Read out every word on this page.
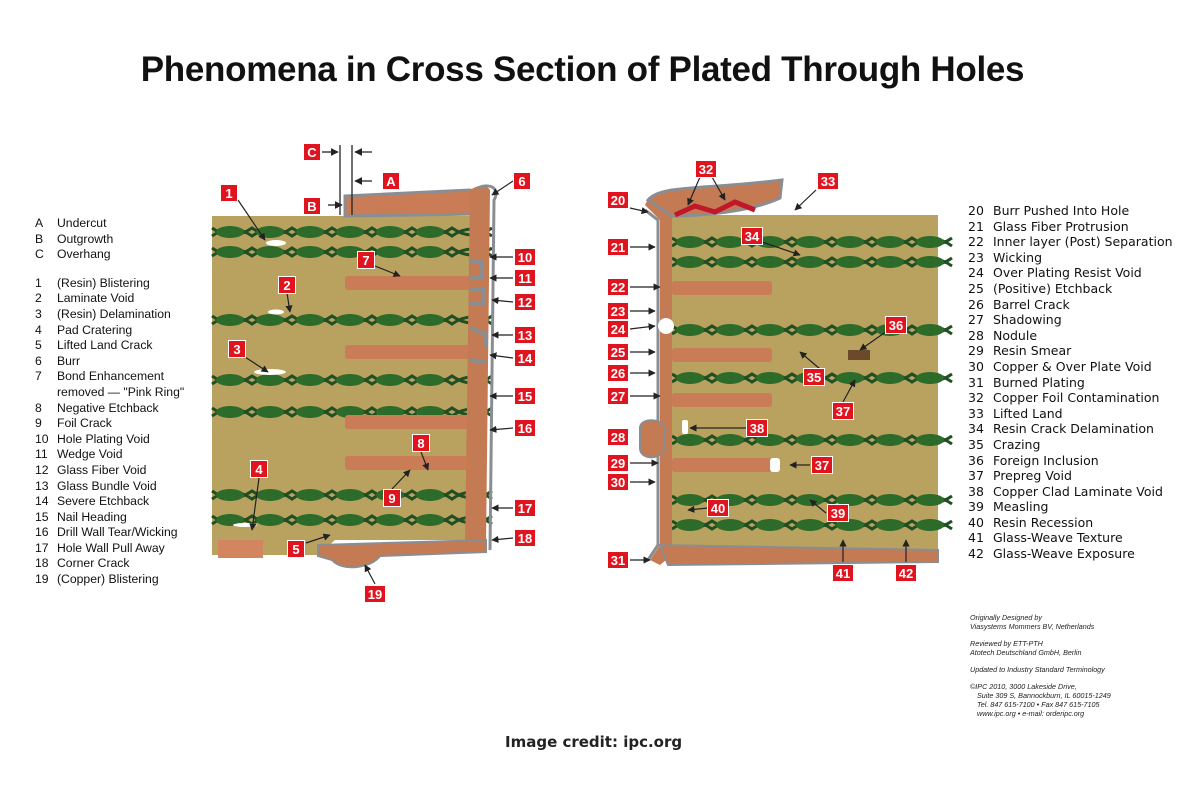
Phenomena in Cross Section of Plated Through Holes
A	Undercut
B	Outgrowth
C	Overhang
1	(Resin) Blistering
2	Laminate Void
3	(Resin) Delamination
4	Pad Cratering
5	Lifted Land Crack
6	Burr
7	Bond Enhancement
removed — "Pink Ring"
8	Negative Etchback
9	Foil Crack
10 Hole Plating Void
11 Wedge Void
12 Glass Fiber Void
13 Glass Bundle Void
14 Severe Etchback
15 Nail Heading
16 Drill Wall Tear/Wicking
17 Hole Wall Pull Away
18 Corner Crack
19 (Copper) Blistering
20 Burr Pushed Into Hole
21 Glass Fiber Protrusion
22 Inner layer (Post) Separation
23 Wicking
24 Over Plating Resist Void
25 (Positive) Etchback
26 Barrel Crack
27 Shadowing
28 Nodule
29 Resin Smear
30 Copper & Over Plate Void
31 Burned Plating
32 Copper Foil Contamination
33 Lifted Land
34 Resin Crack Delamination
35 Crazing
36 Foreign Inclusion
37 Prepreg Void
38 Copper Clad Laminate Void
39 Measling
40 Resin Recession
41 Glass-Weave Texture
42 Glass-Weave Exposure
1
2
3
4
5
6
7
8
9
10
11
12
13
14
15
16
17
18
19
20
21
22
23
24
25
26
27
28
29
30
31
32
33
34
35
36
38
39
40
41	42
C
B
A
37
37
Originally Designed by
Viasystems Mommers BV, Netherlands
Reviewed by ETT-PTH
Atotech Deutschland GmbH, Berlin
Updated to Industry Standard Terminology
©IPC 2010, 3000 Lakeside Drive,
Suite 309 S, Bannockburn, IL 60015-1249
Tel. 847 615-7100 • Fax 847 615-7105
www.ipc.org • e-mail: orderipc.org
Image credit: ipc.org
